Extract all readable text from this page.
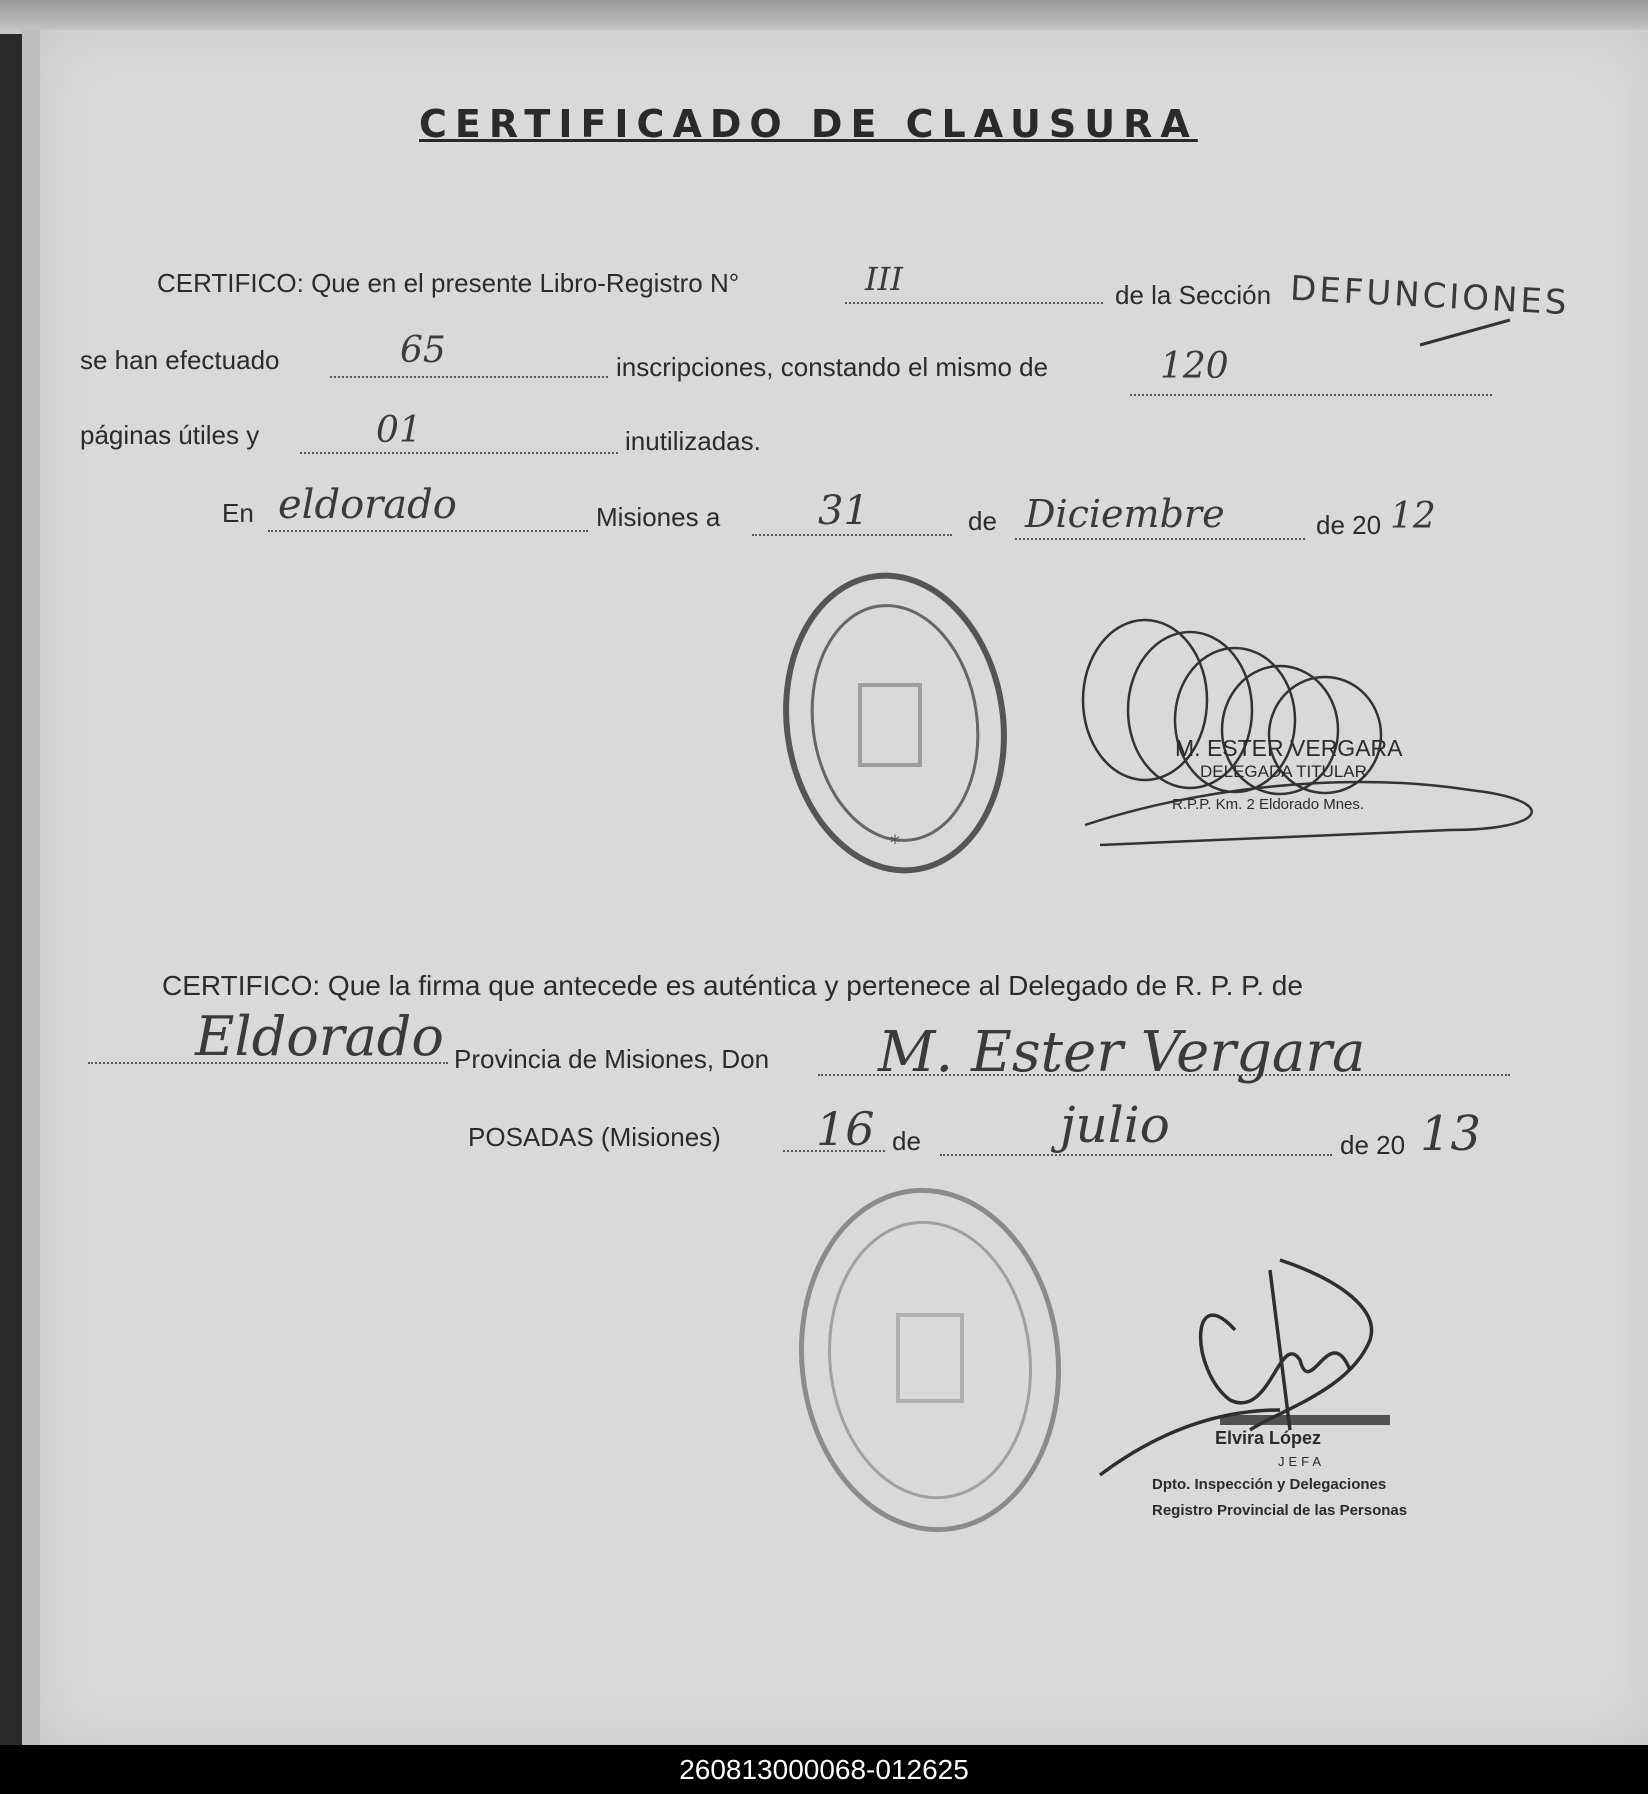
CERTIFICADO DE CLAUSURA
CERTIFICO: Que en el presente Libro-Registro N°	III	de la Sección DEFUNCIONES
se han efectuado	65	inscripciones, constando el mismo de	120
páginas útiles y	01	inutilizadas.
En eldorado	Misiones a 31	de Diciembre	de 20 12
*
M. ESTER VERGARA
DELEGADA TITULAR
R.P.P. Km. 2 Eldorado Mnes.
CERTIFICO: Que la firma que antecede es auténtica y pertenece al Delegado de R. P. P. de
Eldorado Provincia de Misiones, Don M. Ester Vergara
POSADAS (Misiones) 16 de	julio	de 20 13
Elvira López
JEFA
Dpto. Inspección y Delegaciones
Registro Provincial de las Personas
260813000068-012625
